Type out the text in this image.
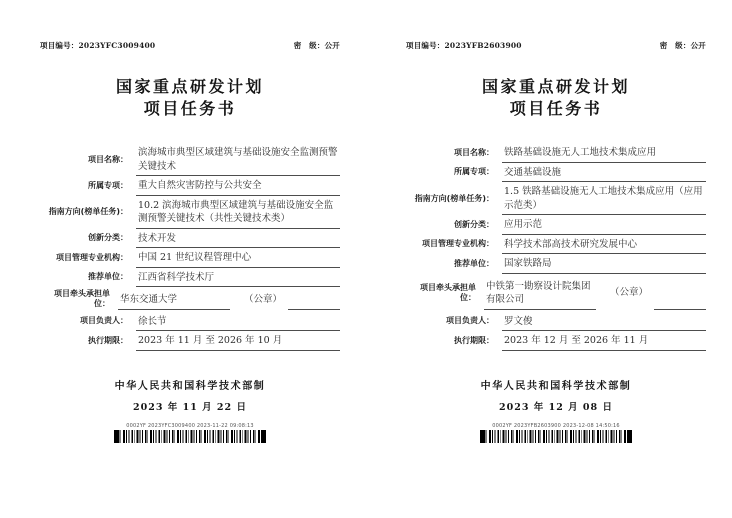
项目编号：2023YFC3009400	密　级：公开
国家重点研发计划
项目任务书
项目名称：
滨海城市典型区域建筑与基础设施安全监测预警关键技术
所属专项：	重大自然灾害防控与公共安全
指南方向(榜单任务)：
10.2 滨海城市典型区域建筑与基础设施安全监测预警关键技术（共性关键技术类）
创新分类：	技术开发
项目管理专业机构：	中国 21 世纪议程管理中心
推荐单位：	江西省科学技术厅
项目牵头承担单位：	华东交通大学	（公章）
项目负责人：	徐长节
执行期限：	2023 年 11 月 至 2026 年 10 月
中华人民共和国科学技术部制
2023 年 11 月 22 日
0002YF 2023YFC3009400 2023-11-22 09:08:13
项目编号：2023YFB2603900	密　级：公开
国家重点研发计划
项目任务书
项目名称：	铁路基础设施无人工地技术集成应用
所属专项：	交通基础设施
指南方向(榜单任务)：
1.5 铁路基础设施无人工地技术集成应用（应用示范类）
创新分类：	应用示范
项目管理专业机构：	科学技术部高技术研究发展中心
推荐单位：	国家铁路局
项目牵头承担单位：
中铁第一勘察设计院集团有限公司
（公章）
项目负责人：	罗文俊
执行期限：	2023 年 12 月 至 2026 年 11 月
中华人民共和国科学技术部制
2023 年 12 月 08 日
0002YF 2023YFB2603900 2023-12-08 14:50:16
